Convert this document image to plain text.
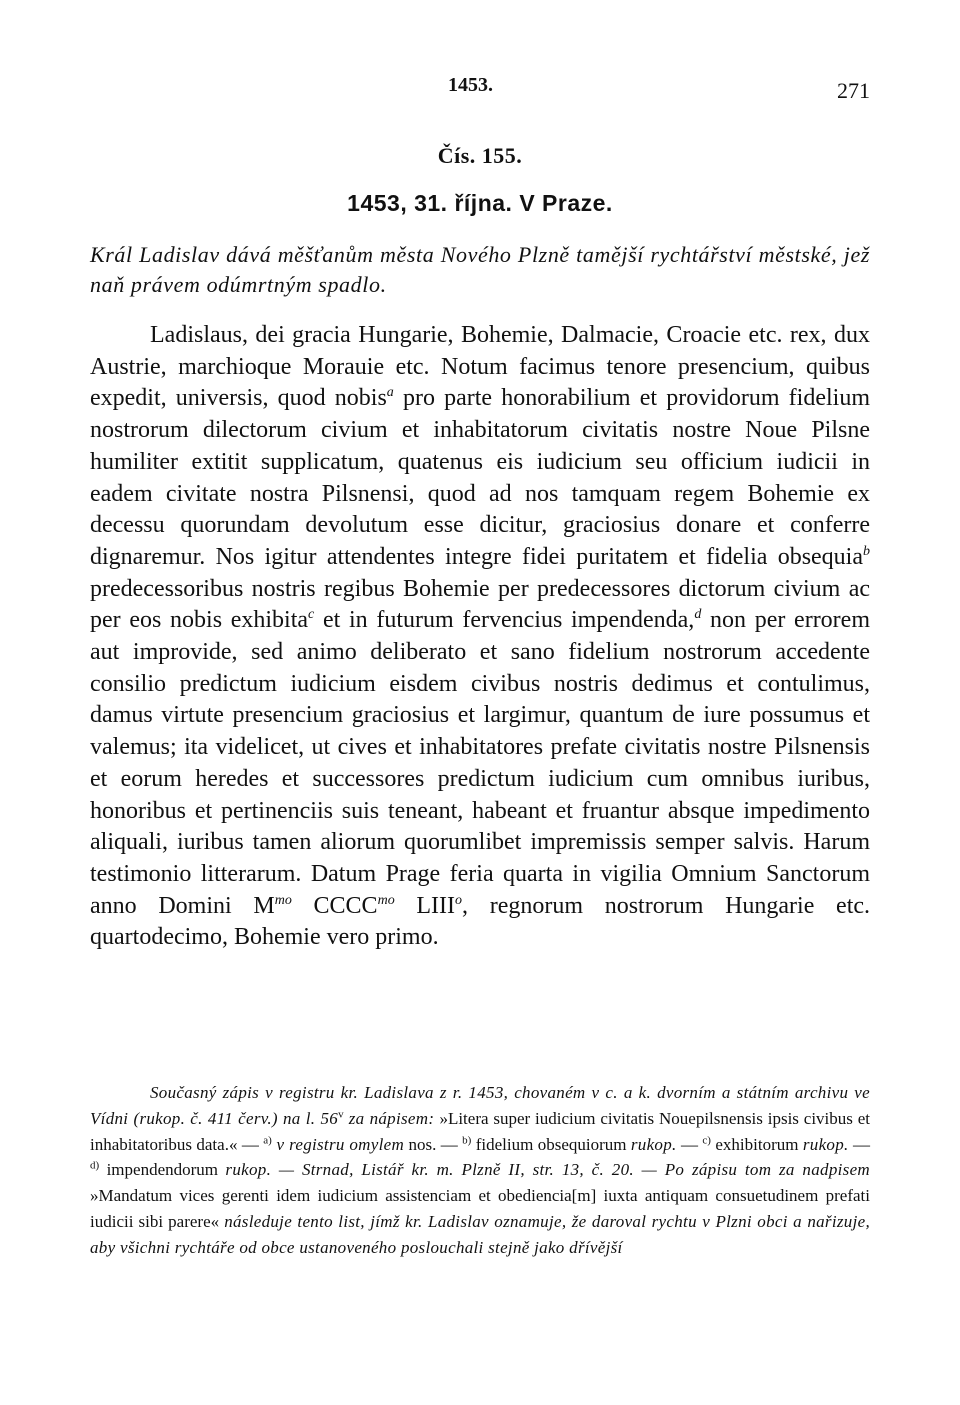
1453.	271
Čís. 155.
1453, 31. října. V Praze.
Král Ladislav dává měšťanům města Nového Plzně tamější rychtářství městské, jež naň právem odúmrtným spadlo.

Ladislaus, dei gracia Hungarie, Bohemie, Dalmacie, Croacie etc. rex, dux Austrie, marchioque Morauie etc. Notum facimus tenore presencium, quibus expedit, universis, quod nobis$^a$ pro parte honorabilium et providorum fidelium nostrorum dilectorum civium et inhabitatorum civitatis nostre Noue Pilsne humiliter extitit supplicatum, quatenus eis iudicium seu officium iudicii in eadem civitate nostra Pilsnensi, quod ad nos tamquam regem Bohemie ex decessu quorundam devolutum esse dicitur, graciosius donare et conferre dignaremur. Nos igitur attendentes integre fidei puritatem et fidelia obsequia$^b$ predecessoribus nostris regibus Bohemie per predecessores dictorum civium ac per eos nobis exhibita$^c$ et in futurum fervencius impendenda,$^d$ non per errorem aut improvide, sed animo deliberato et sano fidelium nostrorum accedente consilio predictum iudicium eisdem civibus nostris dedimus et contulimus, damus virtute presencium graciosius et largimur, quantum de iure possumus et valemus; ita videlicet, ut cives et inhabitatores prefate civitatis nostre Pilsnensis et eorum heredes et successores predictum iudicium cum omnibus iuribus, honoribus et pertinenciis suis teneant, habeant et fruantur absque impedimento aliquali, iuribus tamen aliorum quorumlibet impremissis semper salvis. Harum testimonio litterarum. Datum Prage feria quarta in vigilia Omnium Sanctorum anno Domini $M^{mo}$ $CCCC^{mo}$ LIII$^o$, regnorum nostrorum Hungarie etc. quartodecimo, Bohemie vero primo.

Současný zápis v registru kr. Ladislava z r. 1453, chovaném v c. a k. dvorním a státním archivu ve Vídni (rukop. č. 411 červ.) na l. 56$^v$ za nápisem: »Litera super iudicium civitatis Nouepilsnensis ipsis civibus et inhabitatoribus data.« — $^{a)}$ v registru omylem nos. — $^{b)}$ fidelium obsequiorum rukop. — $^{c)}$ exhibitorum rukop. — $^{d)}$ impendendorum rukop. — Strnad, Listář kr. m. Plzně II, str. 13, č. 20. — Po zápisu tom za nadpisem »Mandatum vices gerenti idem iudicium assistenciam et obediencia[m] iuxta antiquam consuetudinem prefati iudicii sibi parere« následuje tento list, jímž kr. Ladislav oznamuje, že daroval rychtu v Plzni obci a nařizuje, aby všichni rychtáře od obce ustanoveného poslouchali stejně jako dřívější
